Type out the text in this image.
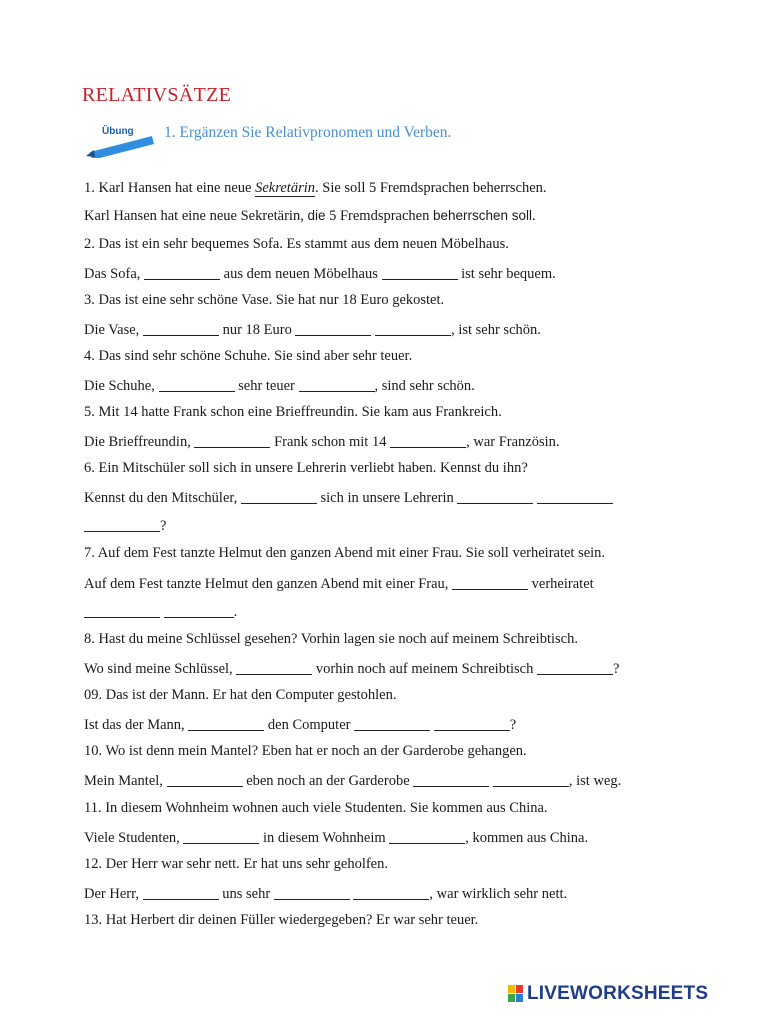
RELATIVSÄTZE
Übung 1. Ergänzen Sie Relativpronomen und Verben.
1. Karl Hansen hat eine neue Sekretärin. Sie soll 5 Fremdsprachen beherrschen.
Karl Hansen hat eine neue Sekretärin, die 5 Fremdsprachen beherrschen soll.
2. Das ist ein sehr bequemes Sofa. Es stammt aus dem neuen Möbelhaus.
Das Sofa,	aus dem neuen Möbelhaus	ist sehr bequem.
3. Das ist eine sehr schöne Vase. Sie hat nur 18 Euro gekostet.
Die Vase,	nur 18 Euro	, ist sehr schön.
4. Das sind sehr schöne Schuhe. Sie sind aber sehr teuer.
Die Schuhe,	sehr teuer	, sind sehr schön.
5. Mit 14 hatte Frank schon eine Brieffreundin. Sie kam aus Frankreich.
Die Brieffreundin,	Frank schon mit 14	, war Französin.
6. Ein Mitschüler soll sich in unsere Lehrerin verliebt haben. Kennst du ihn?
Kennst du den Mitschüler,	sich in unsere Lehrerin
?
7. Auf dem Fest tanzte Helmut den ganzen Abend mit einer Frau. Sie soll verheiratet sein.
Auf dem Fest tanzte Helmut den ganzen Abend mit einer Frau,	verheiratet
.
8. Hast du meine Schlüssel gesehen? Vorhin lagen sie noch auf meinem Schreibtisch.
Wo sind meine Schlüssel,	vorhin noch auf meinem Schreibtisch	?
09. Das ist der Mann. Er hat den Computer gestohlen.
Ist das der Mann,	den Computer	?
10. Wo ist denn mein Mantel? Eben hat er noch an der Garderobe gehangen.
Mein Mantel,	eben noch an der Garderobe	, ist weg.
11. In diesem Wohnheim wohnen auch viele Studenten. Sie kommen aus China.
Viele Studenten,	in diesem Wohnheim	, kommen aus China.
12. Der Herr war sehr nett. Er hat uns sehr geholfen.
Der Herr,	uns sehr	, war wirklich sehr nett.
13. Hat Herbert dir deinen Füller wiedergegeben? Er war sehr teuer.
LIVEWORKSHEETS
